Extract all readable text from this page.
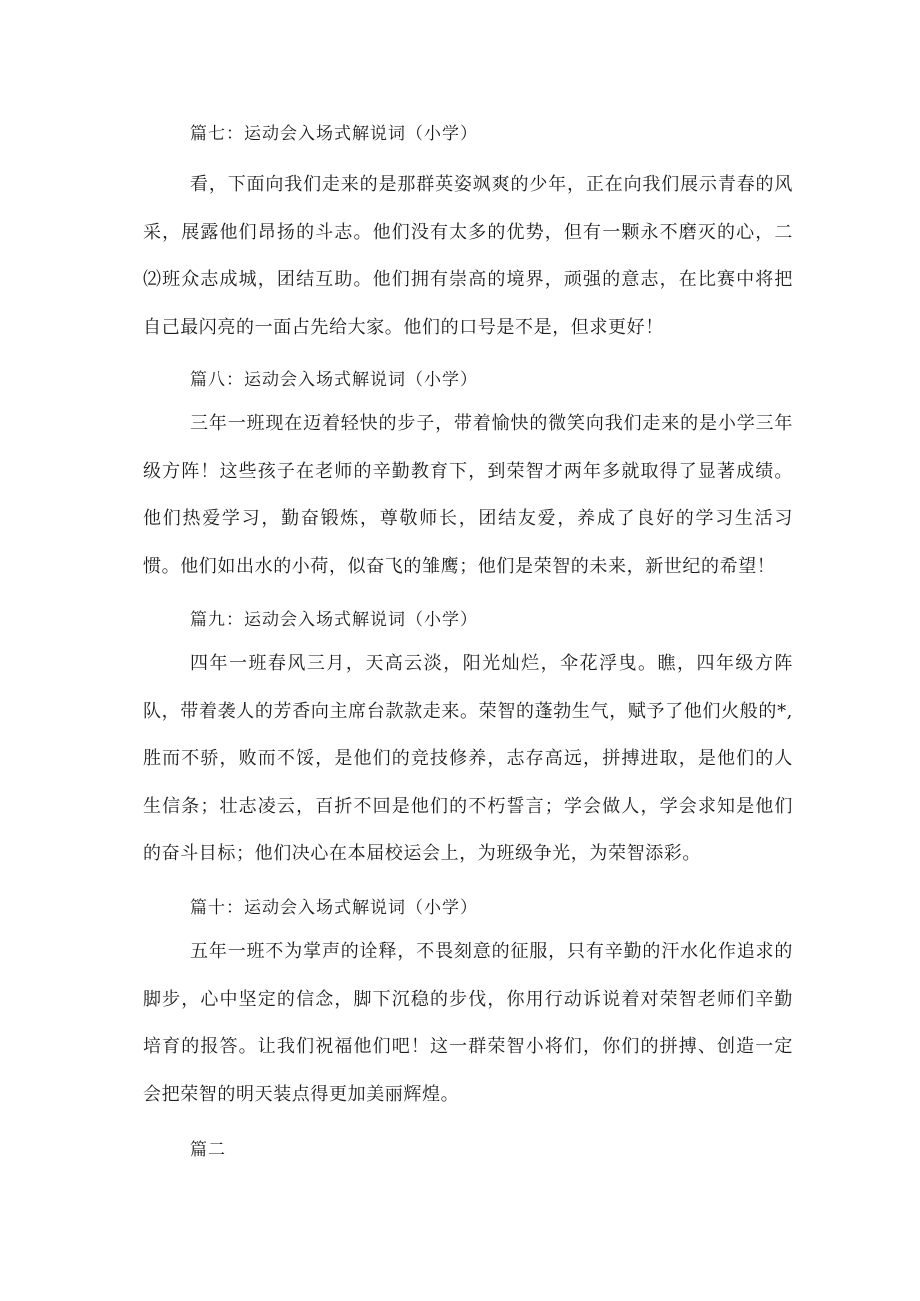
篇七：运动会入场式解说词（小学）

看，下面向我们走来的是那群英姿飒爽的少年，正在向我们展示青春的风采，展露他们昂扬的斗志。他们没有太多的优势，但有一颗永不磨灭的心，二⑵班众志成城，团结互助。他们拥有崇高的境界，顽强的意志，在比赛中将把自己最闪亮的一面占先给大家。他们的口号是不是，但求更好！

篇八：运动会入场式解说词（小学）

三年一班现在迈着轻快的步子，带着愉快的微笑向我们走来的是小学三年级方阵！这些孩子在老师的辛勤教育下，到荣智才两年多就取得了显著成绩。他们热爱学习，勤奋锻炼，尊敬师长，团结友爱，养成了良好的学习生活习惯。他们如出水的小荷，似奋飞的雏鹰；他们是荣智的未来，新世纪的希望！

篇九：运动会入场式解说词（小学）

四年一班春风三月，天高云淡，阳光灿烂，伞花浮曳。瞧，四年级方阵队，带着袭人的芳香向主席台款款走来。荣智的蓬勃生气，赋予了他们火般的*,胜而不骄，败而不馁，是他们的竞技修养，志存高远，拼搏进取，是他们的人生信条；壮志凌云，百折不回是他们的不朽誓言；学会做人，学会求知是他们的奋斗目标；他们决心在本届校运会上，为班级争光，为荣智添彩。

篇十：运动会入场式解说词（小学）

五年一班不为掌声的诠释，不畏刻意的征服，只有辛勤的汗水化作追求的脚步，心中坚定的信念，脚下沉稳的步伐，你用行动诉说着对荣智老师们辛勤培育的报答。让我们祝福他们吧！这一群荣智小将们，你们的拼搏、创造一定会把荣智的明天装点得更加美丽辉煌。

篇二
